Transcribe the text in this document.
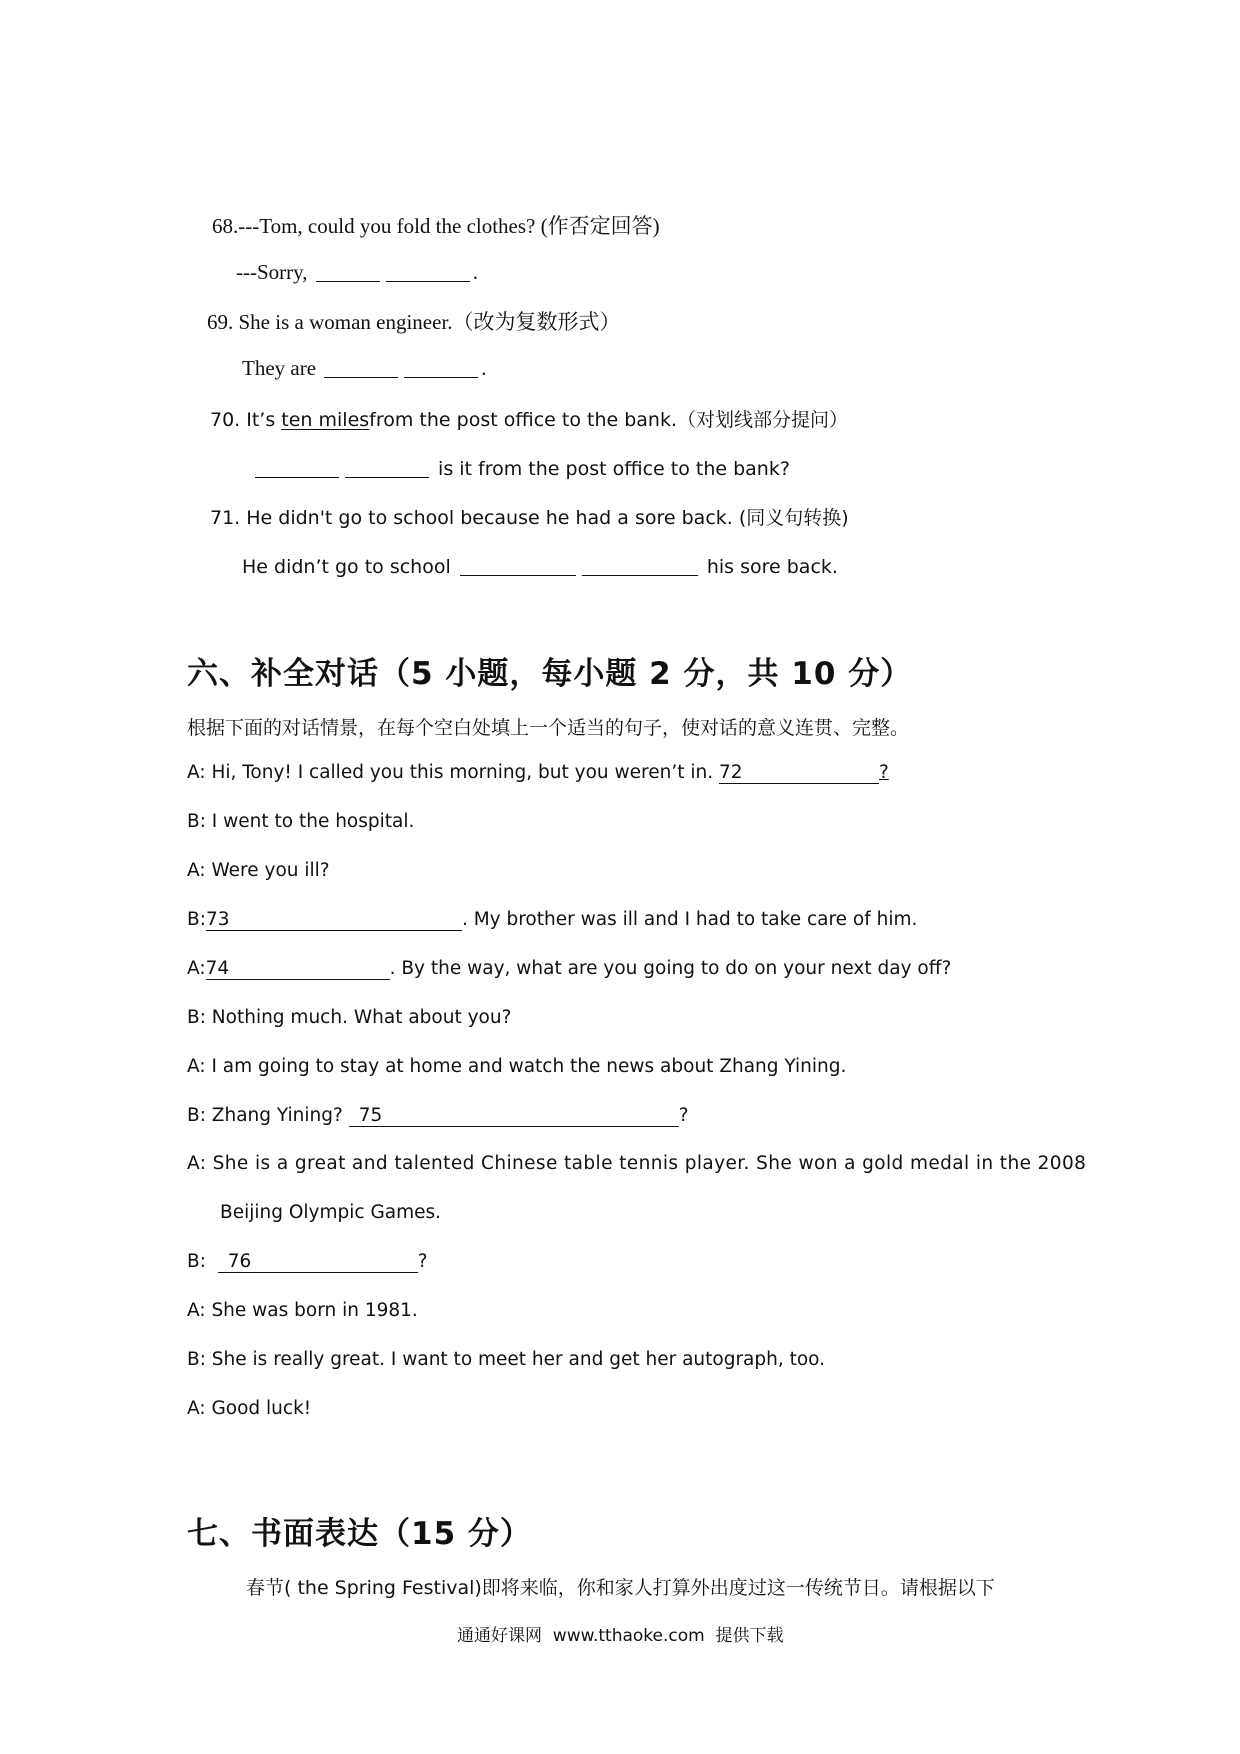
68.---Tom, could you fold the clothes? (作否定回答)
---Sorry,	.
69. She is a woman engineer.（改为复数形式）
They are	.
70. It’s ten milesfrom the post office to the bank.（对划线部分提问）
is it from the post office to the bank?
71. He didn't go to school because he had a sore back. (同义句转换)
He didn’t go to school	his sore back.
六、补全对话（5 小题，每小题 2 分，共 10 分）
根据下面的对话情景，在每个空白处填上一个适当的句子，使对话的意义连贯、完整。
A: Hi, Tony! I called you this morning, but you weren’t in. 72	?
B: I went to the hospital.
A: Were you ill?
B:73	. My brother was ill and I had to take care of him.
A:74	. By the way, what are you going to do on your next day off?
B: Nothing much. What about you?
A: I am going to stay at home and watch the news about Zhang Yining.
B: Zhang Yining? 75	?
A: She is a great and talented Chinese table tennis player. She won a gold medal in the 2008
Beijing Olympic Games.
B:  76	?
A: She was born in 1981.
B: She is really great. I want to meet her and get her autograph, too.
A: Good luck!
七、书面表达（15 分）
春节( the Spring Festival)即将来临，你和家人打算外出度过这一传统节日。请根据以下
通通好课网  www.tthaoke.com  提供下载
